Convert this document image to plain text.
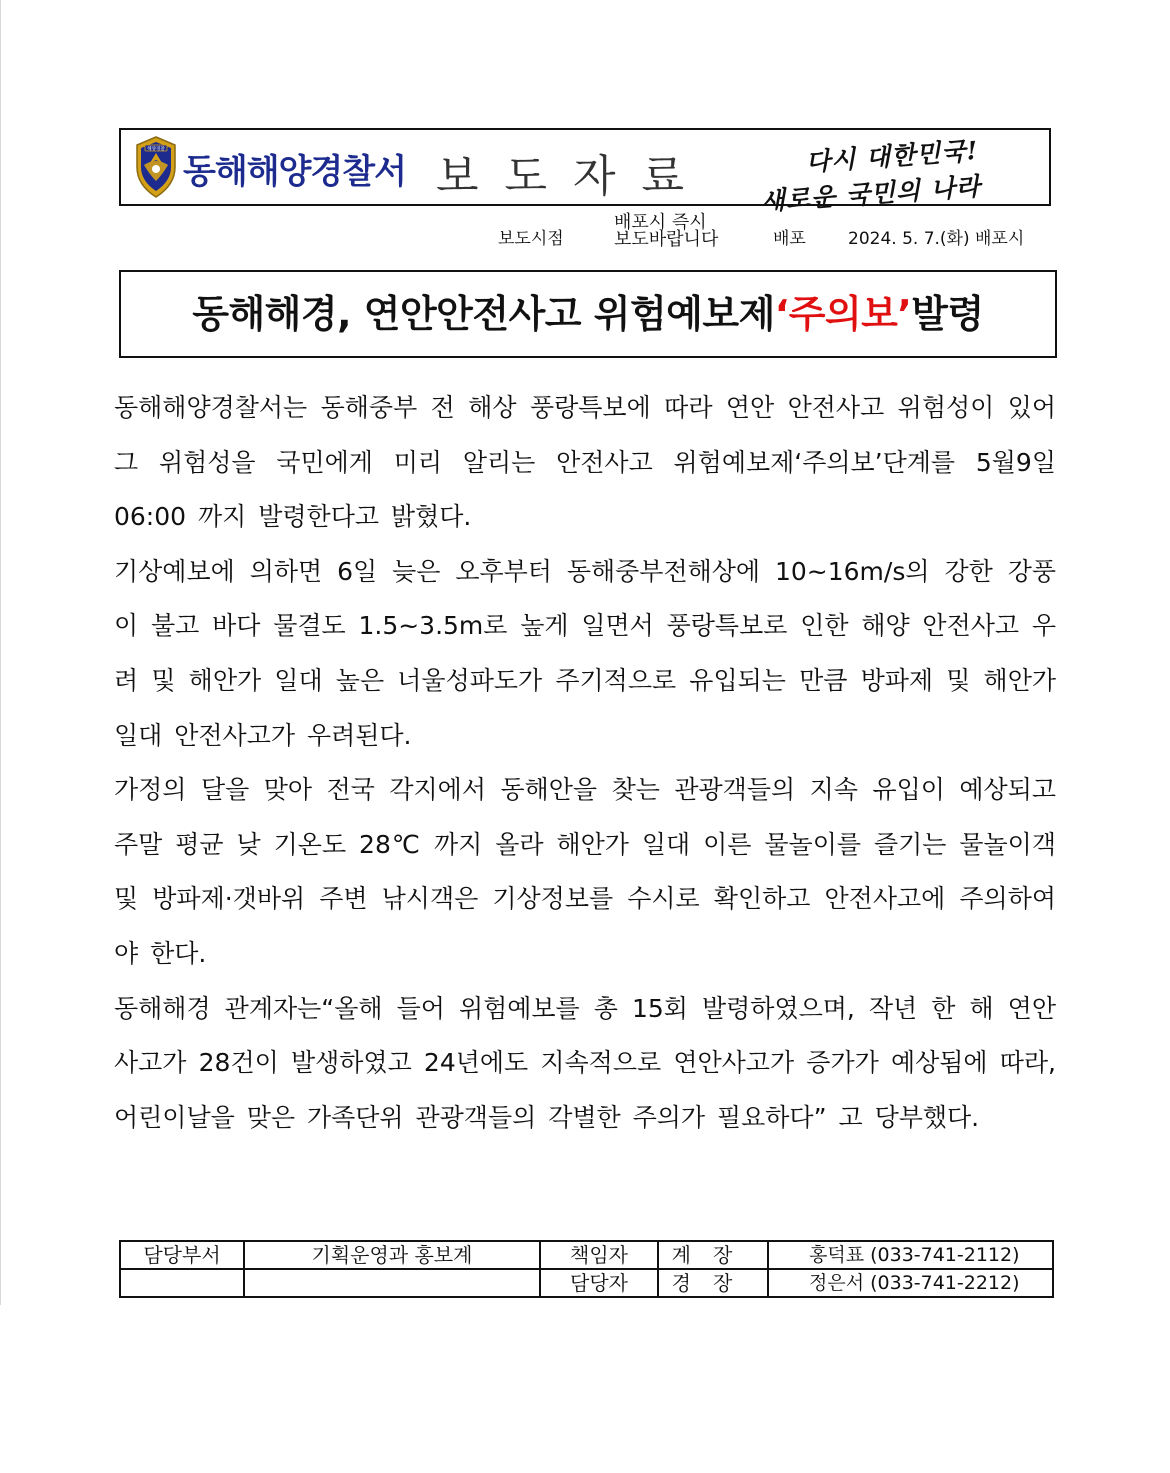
해양경찰
동해해양경찰서 보도자료	다시 대한민국!
새로운 국민의 나라
보도시점
배포시 즉시
보도바랍니다	배포 2024. 5. 7.(화) 배포시
동해해경, 연안안전사고 위험예보제‘주의보’발령

동해해양경찰서는 동해중부 전 해상 풍랑특보에 따라 연안 안전사고 위험성이 있어 그 위험성을 국민에게 미리 알리는 안전사고 위험예보제‘주의보’단계를 5월9일 06:00 까지 발령한다고 밝혔다.

기상예보에 의하면 6일 늦은 오후부터 동해중부전해상에 10~16m/s의 강한 강풍이 불고 바다 물결도 1.5~3.5m로 높게 일면서 풍랑특보로 인한 해양 안전사고 우려 및 해안가 일대 높은 너울성파도가 주기적으로 유입되는 만큼 방파제 및 해안가 일대 안전사고가 우려된다.

가정의 달을 맞아 전국 각지에서 동해안을 찾는 관광객들의 지속 유입이 예상되고 주말 평균 낮 기온도 28℃ 까지 올라 해안가 일대 이른 물놀이를 즐기는 물놀이객 및 방파제·갯바위 주변 낚시객은 기상정보를 수시로 확인하고 안전사고에 주의하여야 한다.

동해해경 관계자는“올해 들어 위험예보를 총 15회 발령하였으며, 작년 한 해 연안사고가 28건이 발생하였고 24년에도 지속적으로 연안사고가 증가가 예상됨에 따라, 어린이날을 맞은 가족단위 관광객들의 각별한 주의가 필요하다” 고 당부했다.

담당부서	기획운영과 홍보계	책임자	계장	홍덕표 (033-741-2112)
		담당자	경장	정은서 (033-741-2212)
